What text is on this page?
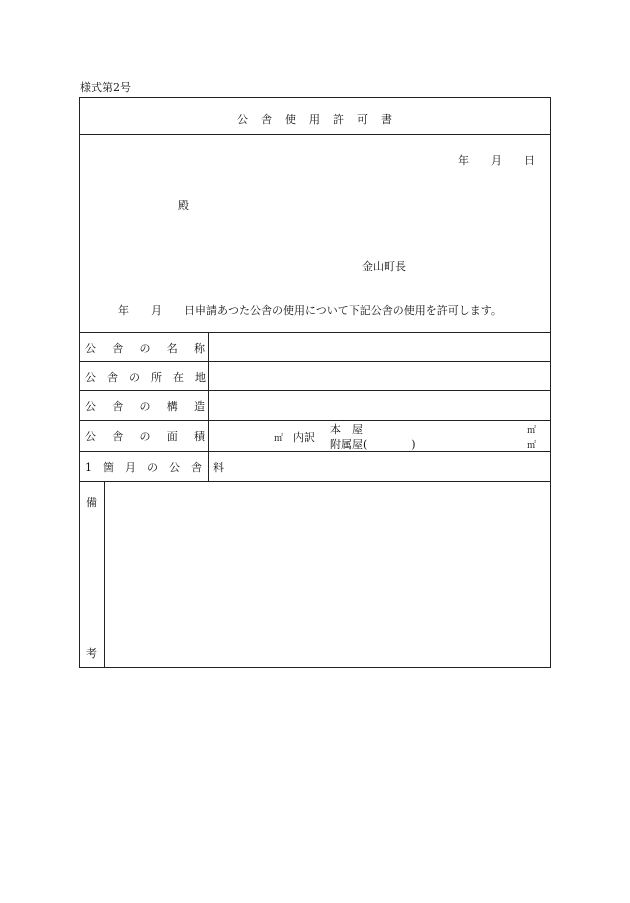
様式第2号
公　舎　使　用　許　可　書
年　　月　　日
殿
金山町長
年　　月　　日申請あつた公舎の使用について下記公舎の使用を許可します。
公　舎　の　名　称
公　舎　の　所　在　地
公　舎　の　構　造
公　舎　の　面　積	㎡ 内訳
本　屋	㎡
附属屋(　　　　)	㎡
1　箇　月　の　公　舎　料
備
考
